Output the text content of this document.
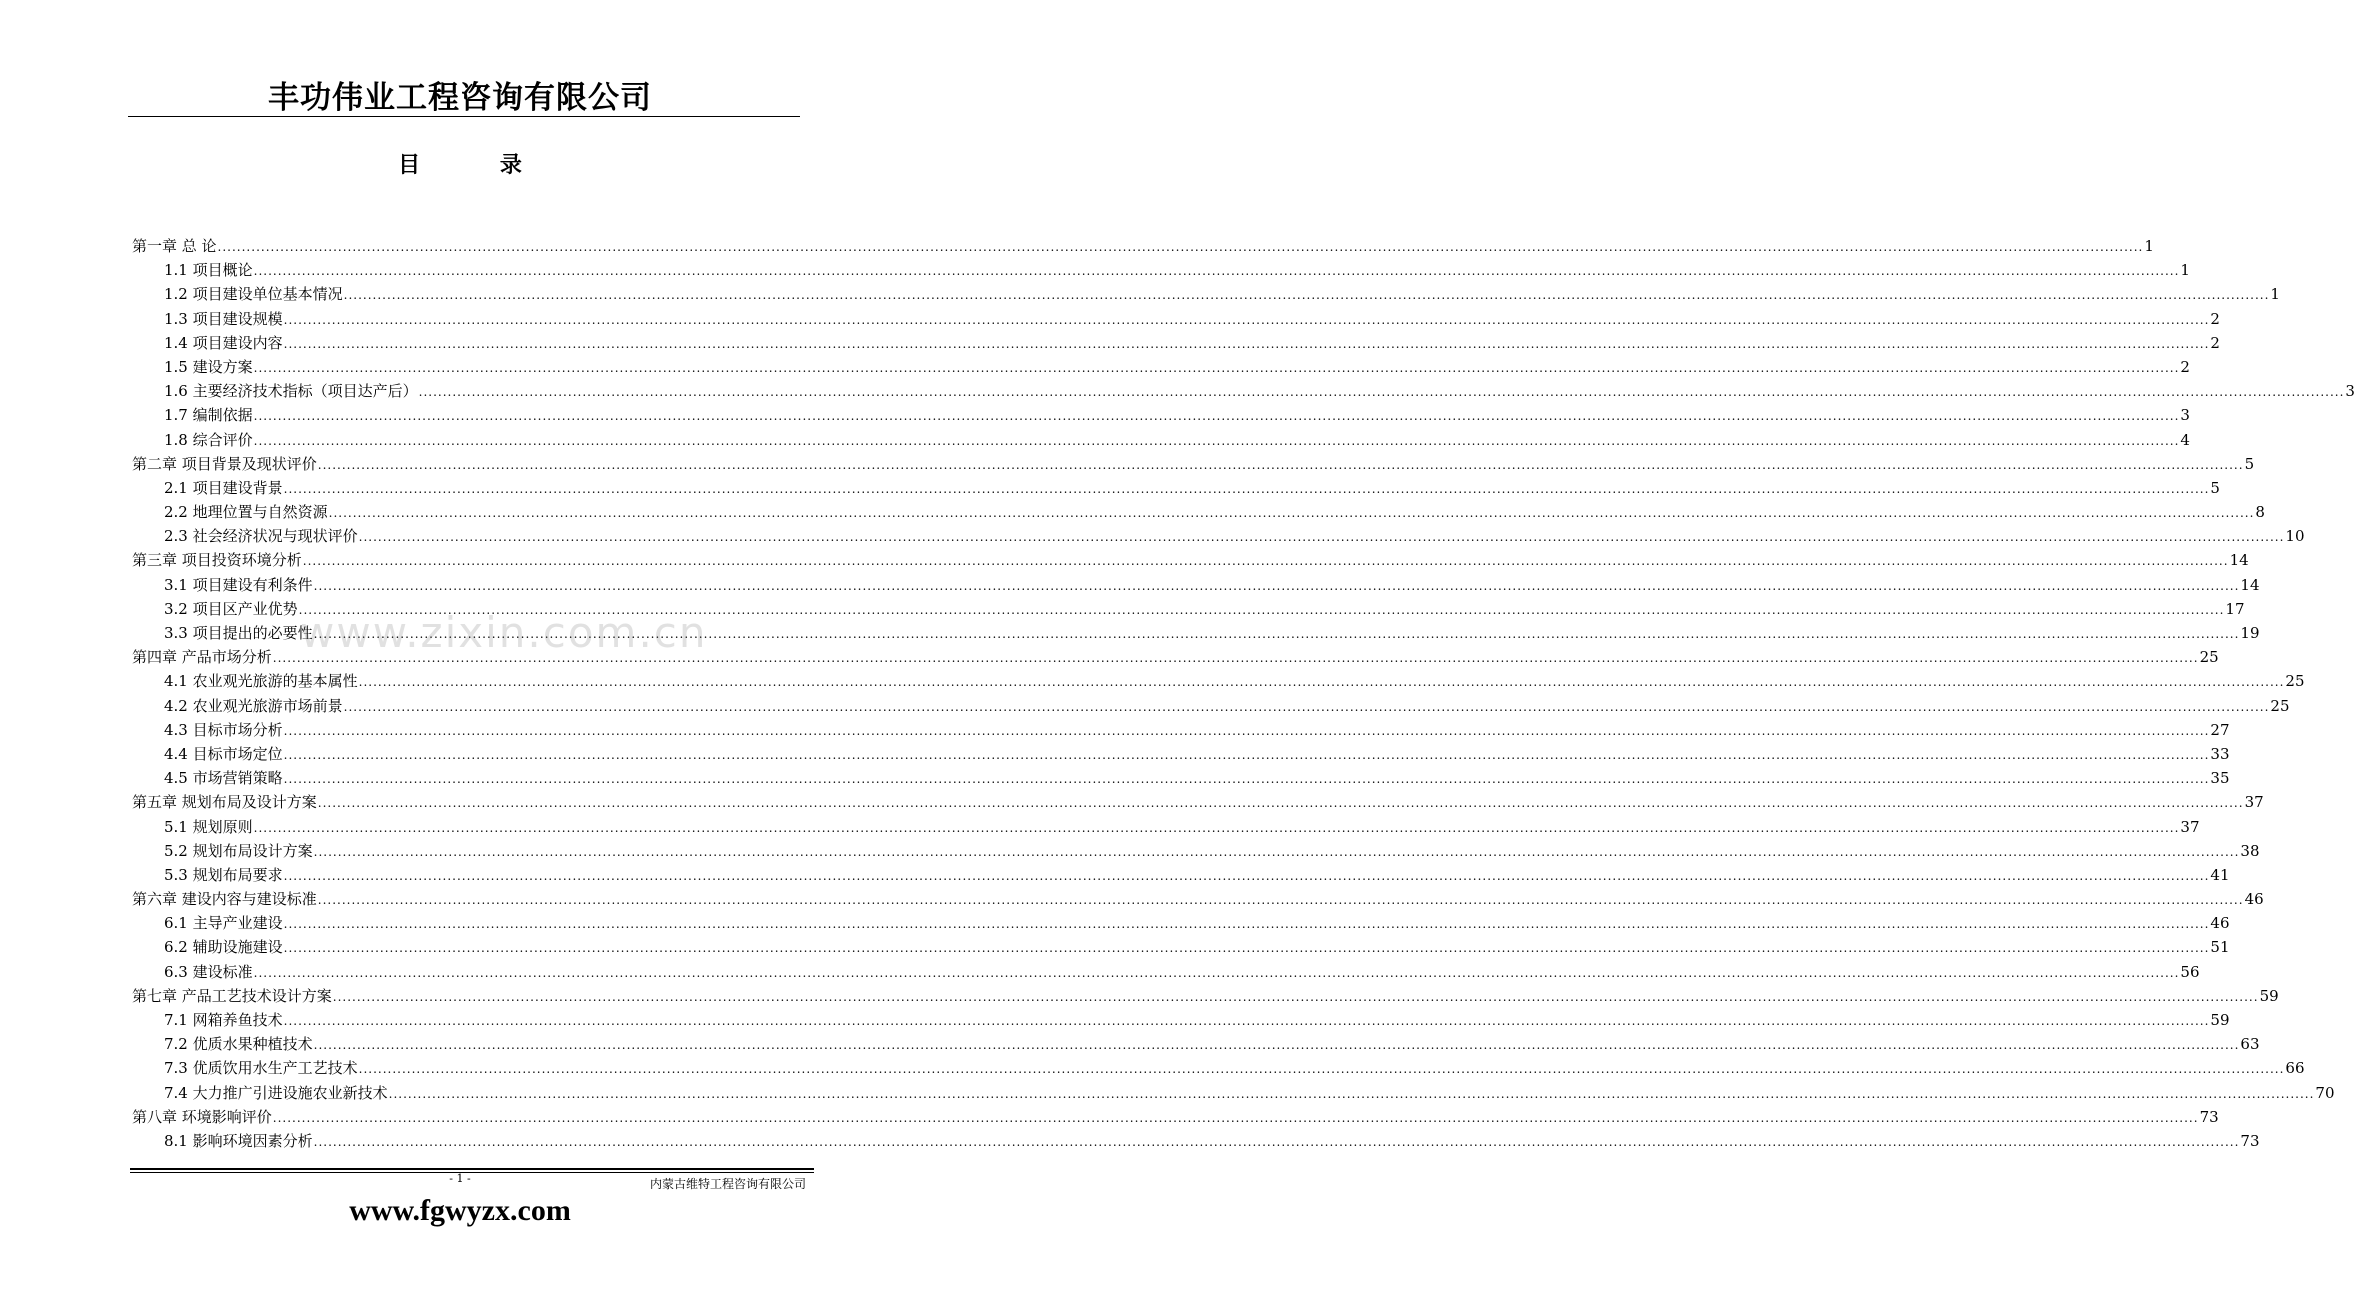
丰功伟业工程咨询有限公司
目 录
第一章 总 论 ................................................................................................................................................................................................................................................................................................................................................................................................................ 1
1.1 项目概论 ................................................................................................................................................................................................................................................................................................................................................................................................................ 1
1.2 项目建设单位基本情况 ................................................................................................................................................................................................................................................................................................................................................................................................................ 1
1.3 项目建设规模 ................................................................................................................................................................................................................................................................................................................................................................................................................ 2
1.4 项目建设内容 ................................................................................................................................................................................................................................................................................................................................................................................................................ 2
1.5 建设方案 ................................................................................................................................................................................................................................................................................................................................................................................................................ 2
1.6 主要经济技术指标（项目达产后） ................................................................................................................................................................................................................................................................................................................................................................................................................ 3
1.7 编制依据 ................................................................................................................................................................................................................................................................................................................................................................................................................ 3
1.8 综合评价 ................................................................................................................................................................................................................................................................................................................................................................................................................ 4
第二章 项目背景及现状评价 ................................................................................................................................................................................................................................................................................................................................................................................................................ 5
2.1 项目建设背景 ................................................................................................................................................................................................................................................................................................................................................................................................................ 5
2.2 地理位置与自然资源 ................................................................................................................................................................................................................................................................................................................................................................................................................ 8
2.3 社会经济状况与现状评价 ................................................................................................................................................................................................................................................................................................................................................................................................................ 10
第三章 项目投资环境分析 ................................................................................................................................................................................................................................................................................................................................................................................................................ 14
3.1 项目建设有利条件 ................................................................................................................................................................................................................................................................................................................................................................................................................ 14
3.2 项目区产业优势 ................................................................................................................................................................................................................................................................................................................................................................................................................ 17
3.3 项目提出的必要性 ................................................................................................................................................................................................................................................................................................................................................................................................................ 19
第四章 产品市场分析 ................................................................................................................................................................................................................................................................................................................................................................................................................ 25
4.1 农业观光旅游的基本属性 ................................................................................................................................................................................................................................................................................................................................................................................................................ 25
4.2 农业观光旅游市场前景 ................................................................................................................................................................................................................................................................................................................................................................................................................ 25
4.3 目标市场分析 ................................................................................................................................................................................................................................................................................................................................................................................................................ 27
4.4 目标市场定位 ................................................................................................................................................................................................................................................................................................................................................................................................................ 33
4.5 市场营销策略 ................................................................................................................................................................................................................................................................................................................................................................................................................ 35
第五章 规划布局及设计方案 ................................................................................................................................................................................................................................................................................................................................................................................................................ 37
5.1 规划原则 ................................................................................................................................................................................................................................................................................................................................................................................................................ 37
5.2 规划布局设计方案 ................................................................................................................................................................................................................................................................................................................................................................................................................ 38
5.3 规划布局要求 ................................................................................................................................................................................................................................................................................................................................................................................................................ 41
第六章 建设内容与建设标准 ................................................................................................................................................................................................................................................................................................................................................................................................................ 46
6.1 主导产业建设 ................................................................................................................................................................................................................................................................................................................................................................................................................ 46
6.2 辅助设施建设 ................................................................................................................................................................................................................................................................................................................................................................................................................ 51
6.3 建设标准 ................................................................................................................................................................................................................................................................................................................................................................................................................ 56
第七章 产品工艺技术设计方案 ................................................................................................................................................................................................................................................................................................................................................................................................................ 59
7.1 网箱养鱼技术 ................................................................................................................................................................................................................................................................................................................................................................................................................ 59
7.2 优质水果种植技术 ................................................................................................................................................................................................................................................................................................................................................................................................................ 63
7.3 优质饮用水生产工艺技术 ................................................................................................................................................................................................................................................................................................................................................................................................................ 66
7.4 大力推广引进设施农业新技术 ................................................................................................................................................................................................................................................................................................................................................................................................................ 70
第八章 环境影响评价 ................................................................................................................................................................................................................................................................................................................................................................................................................ 73
8.1 影响环境因素分析 ................................................................................................................................................................................................................................................................................................................................................................................................................ 73
www.zixin.com.cn
- 1 -	内蒙古维特工程咨询有限公司
www.fgwyzx.com
